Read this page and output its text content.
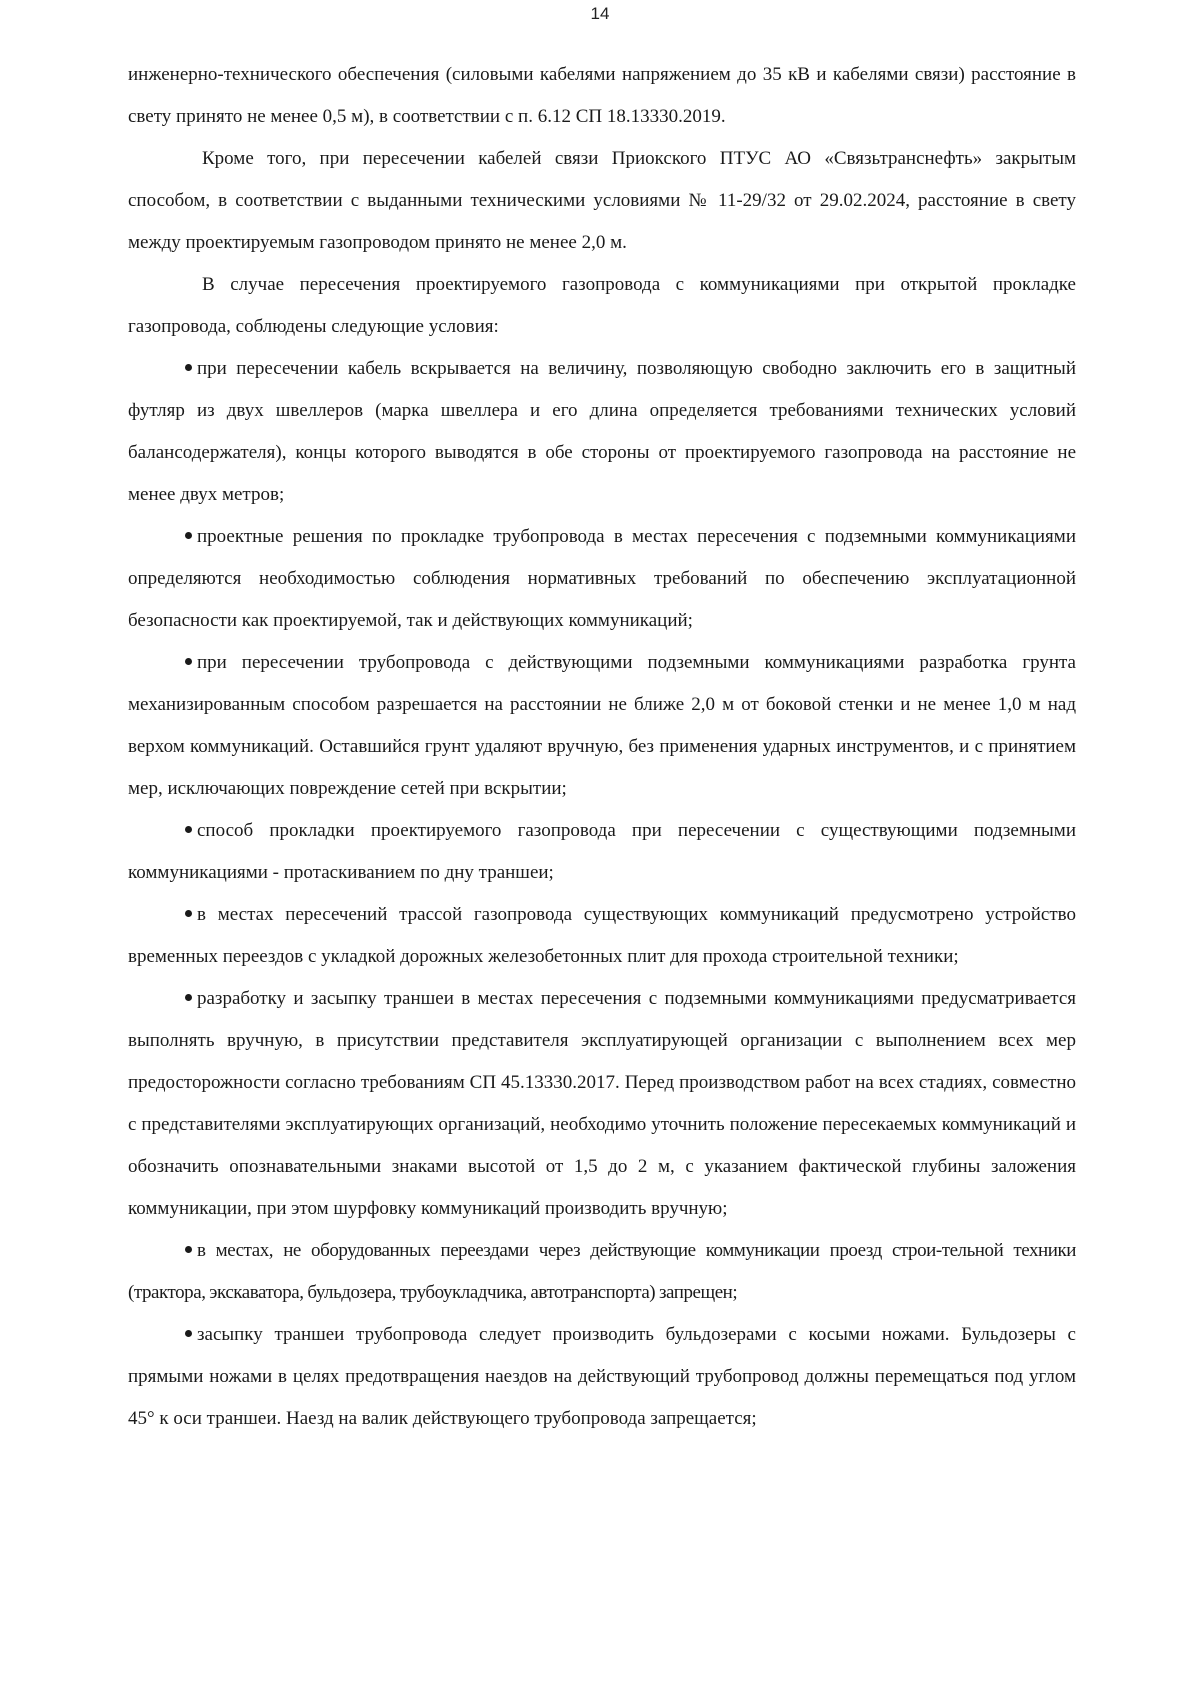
14

инженерно-технического обеспечения (силовыми кабелями напряжением до 35 кВ и кабелями связи) расстояние в свету принято не менее 0,5 м), в соответствии с п. 6.12 СП 18.13330.2019.

Кроме того, при пересечении кабелей связи Приокского ПТУС АО «Связьтранснефть» закрытым способом, в соответствии с выданными техническими условиями № 11-29/32 от 29.02.2024, расстояние в свету между проектируемым газопроводом принято не менее 2,0 м.

В случае пересечения проектируемого газопровода с коммуникациями при открытой прокладке газопровода, соблюдены следующие условия:

при пересечении кабель вскрывается на величину, позволяющую свободно заключить его в защитный футляр из двух швеллеров (марка швеллера и его длина определяется требованиями технических условий балансодержателя), концы которого выводятся в обе стороны от проектируемого газопровода на расстояние не менее двух метров;

проектные решения по прокладке трубопровода в местах пересечения с подземными коммуникациями определяются необходимостью соблюдения нормативных требований по обеспечению эксплуатационной безопасности как проектируемой, так и действующих коммуникаций;

при пересечении трубопровода с действующими подземными коммуникациями разработка грунта механизированным способом разрешается на расстоянии не ближе 2,0 м от боковой стенки и не менее 1,0 м над верхом коммуникаций. Оставшийся грунт удаляют вручную, без применения ударных инструментов, и с принятием мер, исключающих повреждение сетей при вскрытии;

способ прокладки проектируемого газопровода при пересечении с существующими подземными коммуникациями - протаскиванием по дну траншеи;

в местах пересечений трассой газопровода существующих коммуникаций предусмотрено устройство временных переездов с укладкой дорожных железобетонных плит для прохода строительной техники;

разработку и засыпку траншеи в местах пересечения с подземными коммуникациями предусматривается выполнять вручную, в присутствии представителя эксплуатирующей организации с выполнением всех мер предосторожности согласно требованиям СП 45.13330.2017. Перед производством работ на всех стадиях, совместно с представителями эксплуатирующих организаций, необходимо уточнить положение пересекаемых коммуникаций и обозначить опознавательными знаками высотой от 1,5 до 2 м, с указанием фактической глубины заложения коммуникации, при этом шурфовку коммуникаций производить вручную;

в местах, не оборудованных переездами через действующие коммуникации проезд строи-тельной техники (трактора, экскаватора, бульдозера, трубоукладчика, автотранспорта) запрещен;

засыпку траншеи трубопровода следует производить бульдозерами с косыми ножами. Бульдозеры с прямыми ножами в целях предотвращения наездов на действующий трубопровод должны перемещаться под углом 45° к оси траншеи. Наезд на валик действующего трубопровода запрещается;
